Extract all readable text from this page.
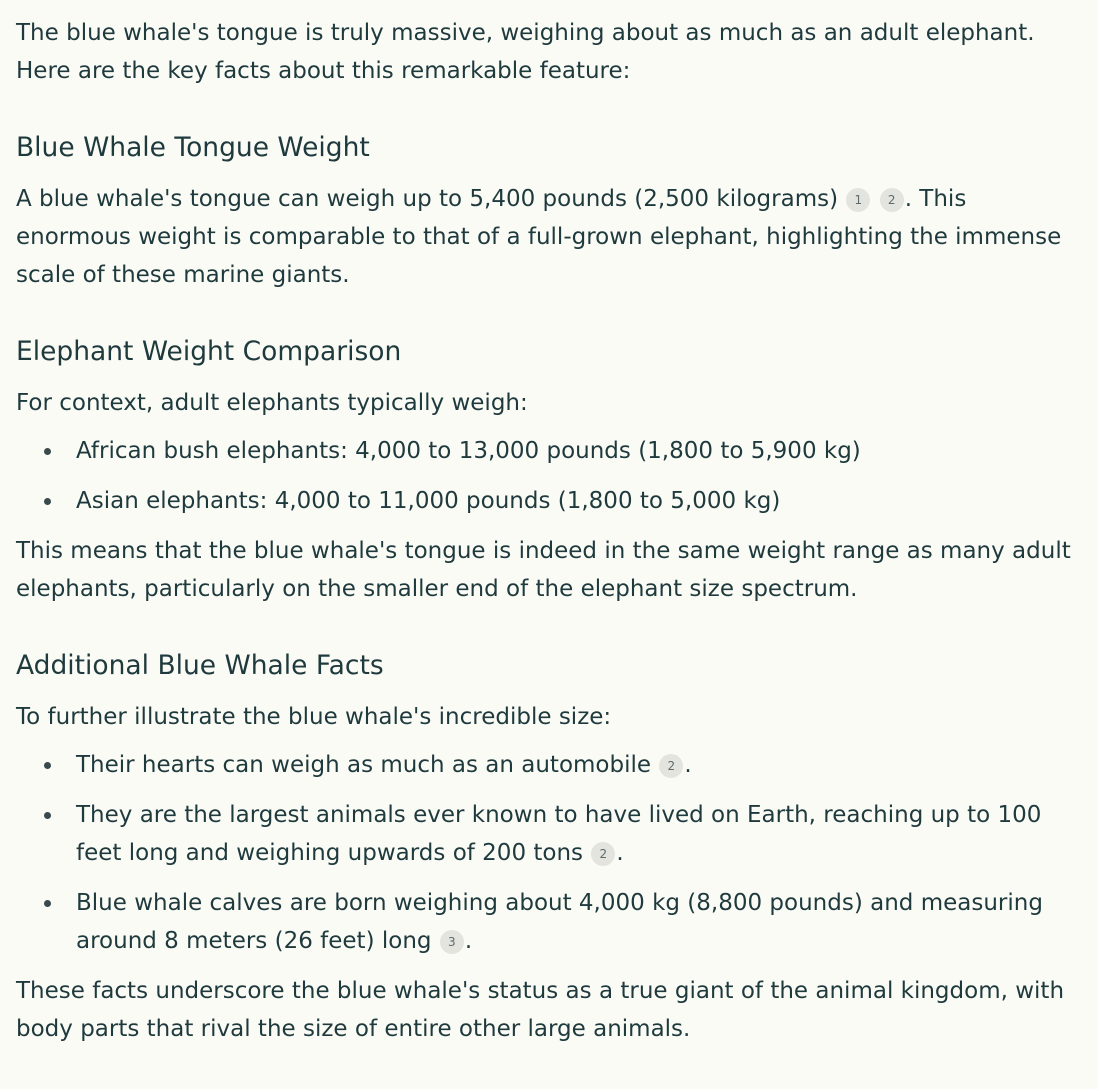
The blue whale's tongue is truly massive, weighing about as much as an adult elephant. Here are the key facts about this remarkable feature:

Blue Whale Tongue Weight

A blue whale's tongue can weigh up to 5,400 pounds (2,500 kilograms) 1 2 . This enormous weight is comparable to that of a full-grown elephant, highlighting the immense scale of these marine giants.

Elephant Weight Comparison

For context, adult elephants typically weigh:

African bush elephants: 4,000 to 13,000 pounds (1,800 to 5,900 kg)
Asian elephants: 4,000 to 11,000 pounds (1,800 to 5,000 kg)

This means that the blue whale's tongue is indeed in the same weight range as many adult elephants, particularly on the smaller end of the elephant size spectrum.

Additional Blue Whale Facts

To further illustrate the blue whale's incredible size:

Their hearts can weigh as much as an automobile 2 .
They are the largest animals ever known to have lived on Earth, reaching up to 100 feet long and weighing upwards of 200 tons 2 .
Blue whale calves are born weighing about 4,000 kg (8,800 pounds) and measuring around 8 meters (26 feet) long 3 .

These facts underscore the blue whale's status as a true giant of the animal kingdom, with body parts that rival the size of entire other large animals.
